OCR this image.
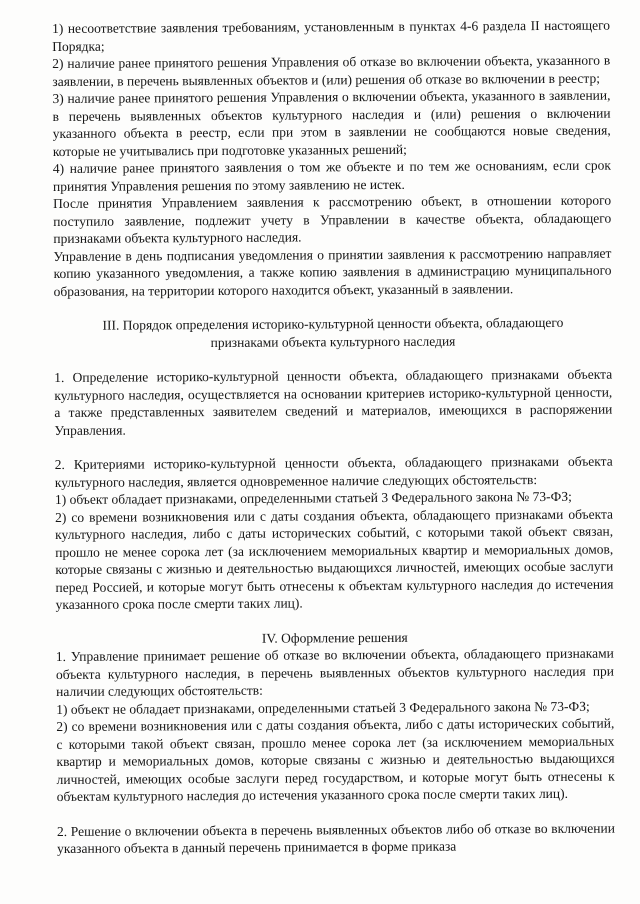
1) несоответствие заявления требованиям, установленным в пунктах 4-6 раздела II настоящего Порядка;

2) наличие ранее принятого решения Управления об отказе во включении объекта, указанного в заявлении, в перечень выявленных объектов и (или) решения об отказе во включении в реестр;

3) наличие ранее принятого решения Управления о включении объекта, указанного в заявлении, в перечень выявленных объектов культурного наследия и (или) решения о включении указанного объекта в реестр, если при этом в заявлении не сообщаются новые сведения, которые не учитывались при подготовке указанных решений;

4) наличие ранее принятого заявления о том же объекте и по тем же основаниям, если срок принятия Управления решения по этому заявлению не истек.

После принятия Управлением заявления к рассмотрению объект, в отношении которого поступило заявление, подлежит учету в Управлении в качестве объекта, обладающего признаками объекта культурного наследия.

Управление в день подписания уведомления о принятии заявления к рассмотрению направляет копию указанного уведомления, а также копию заявления в администрацию муниципального образования, на территории которого находится объект, указанный в заявлении.

III. Порядок определения историко-культурной ценности объекта, обладающего признаками объекта культурного наследия

1. Определение историко-культурной ценности объекта, обладающего признаками объекта культурного наследия, осуществляется на основании критериев историко-культурной ценности, а также представленных заявителем сведений и материалов, имеющихся в распоряжении Управления.

2. Критериями историко-культурной ценности объекта, обладающего признаками объекта культурного наследия, является одновременное наличие следующих обстоятельств:

1) объект обладает признаками, определенными статьей 3 Федерального закона № 73-ФЗ;

2) со времени возникновения или с даты создания объекта, обладающего признаками объекта культурного наследия, либо с даты исторических событий, с которыми такой объект связан, прошло не менее сорока лет (за исключением мемориальных квартир и мемориальных домов, которые связаны с жизнью и деятельностью выдающихся личностей, имеющих особые заслуги перед Россией, и которые могут быть отнесены к объектам культурного наследия до истечения указанного срока после смерти таких лиц).

IV. Оформление решения

1. Управление принимает решение об отказе во включении объекта, обладающего признаками объекта культурного наследия, в перечень выявленных объектов культурного наследия при наличии следующих обстоятельств:

1) объект не обладает признаками, определенными статьей 3 Федерального закона № 73-ФЗ;

2) со времени возникновения или с даты создания объекта, либо с даты исторических событий, с которыми такой объект связан, прошло менее сорока лет (за исключением мемориальных квартир и мемориальных домов, которые связаны с жизнью и деятельностью выдающихся личностей, имеющих особые заслуги перед государством, и которые могут быть отнесены к объектам культурного наследия до истечения указанного срока после смерти таких лиц).

2. Решение о включении объекта в перечень выявленных объектов либо об отказе во включении указанного объекта в данный перечень принимается в форме приказа
